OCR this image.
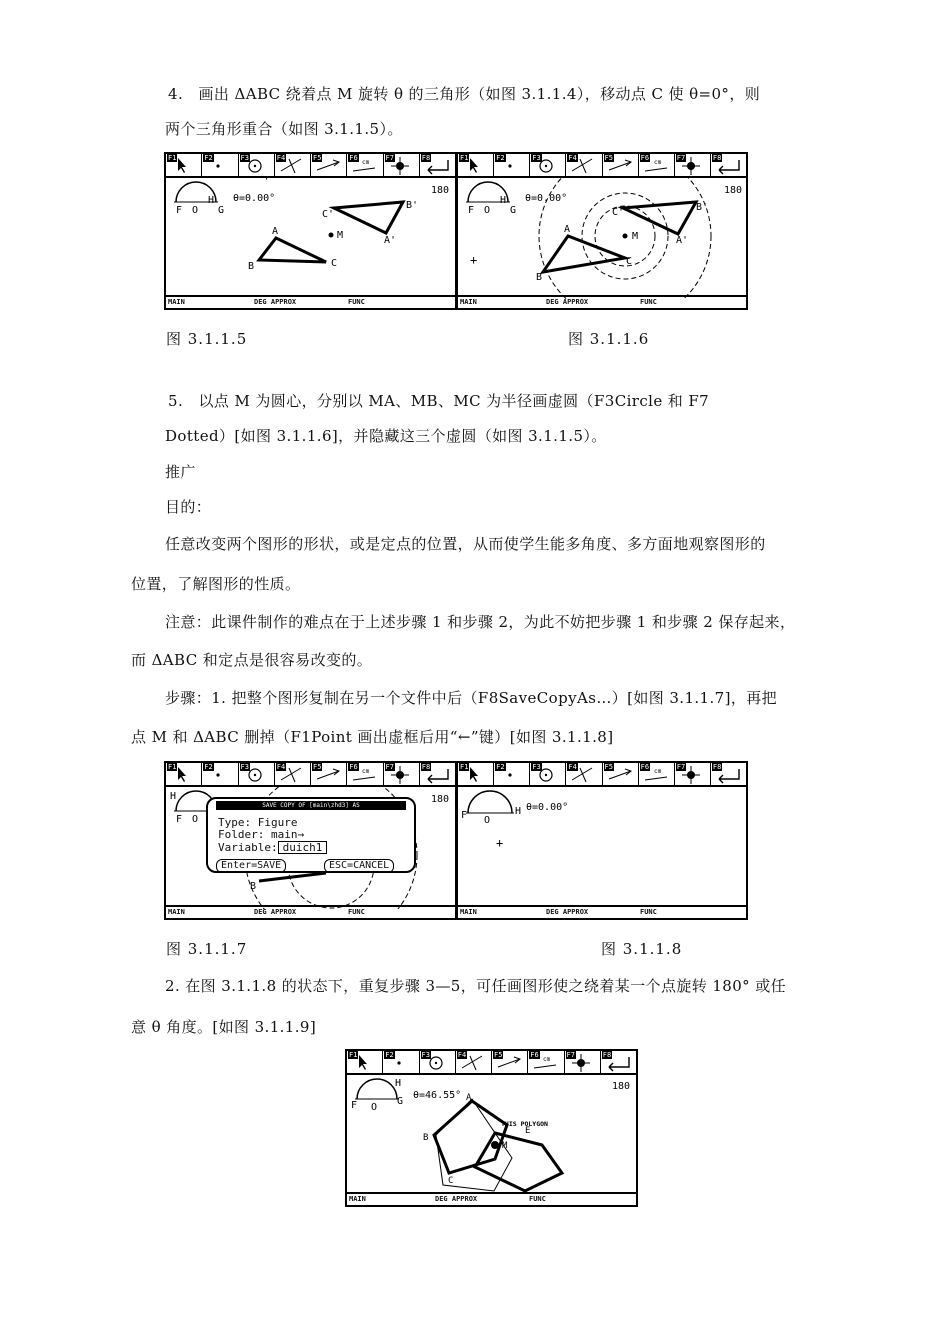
4.　画出 ΔABC 绕着点 M 旋转 θ 的三角形（如图 3.1.1.4），移动点 C 使 θ=0°，则
两个三角形重合（如图 3.1.1.5）。
F1	F2	F3	F4	F5
cm
F6	F7	F8
+
F O G
H θ=0.00°
180
A
B	C
M
C'
B'
A'
MAIN	DEG APPROX	FUNC
F1	F2	F3	F4	F5
cm
F6	F7	F8
F O G
H θ=0.00°
180
A
B
C
M
C'	B'
A'
+
MAIN	DEG APPROX	FUNC
图 3.1.1.5	图 3.1.1.6
5.　以点 M 为圆心，分别以 MA、MB、MC 为半径画虚圆（F3Circle 和 F7
Dotted）[如图 3.1.1.6]，并隐藏这三个虚圆（如图 3.1.1.5）。
推广
目的：
任意改变两个图形的形状，或是定点的位置，从而使学生能多角度、多方面地观察图形的
位置，了解图形的性质。
注意：此课件制作的难点在于上述步骤 1 和步骤 2，为此不妨把步骤 1 和步骤 2 保存起来，
而 ΔABC 和定点是很容易改变的。
步骤：1. 把整个图形复制在另一个文件中后（F8SaveCopyAs…）[如图 3.1.1.7]，再把
点 M 和 ΔABC 删掉（F1Point 画出虚框后用“←”键）[如图 3.1.1.8]
F1	F2	F3	F4	F5
cm
F6	F7	F8
H
F O
180
B
SAVE COPY OF [main\zhd3] AS
Type: Figure
Folder: main→
Variable: duich1
Enter=SAVE	ESC=CANCEL
MAIN	DEG APPROX	FUNC
F1	F2	F3	F4	F5
cm
F6	F7	F8
F O
H θ=0.00°
+
MAIN	DEG APPROX	FUNC
图 3.1.1.7	图 3.1.1.8
2. 在图 3.1.1.8 的状态下，重复步骤 3—5，可任画图形使之绕着某一个点旋转 180° 或任
意 θ 角度。[如图 3.1.1.9]
F1	F2	F3	F4	F5
cm
F6	F7	F8
H
F O
G
θ=46.55°
180
M
A
B
C
E
THIS POLYGON
MAIN	DEG APPROX	FUNC
